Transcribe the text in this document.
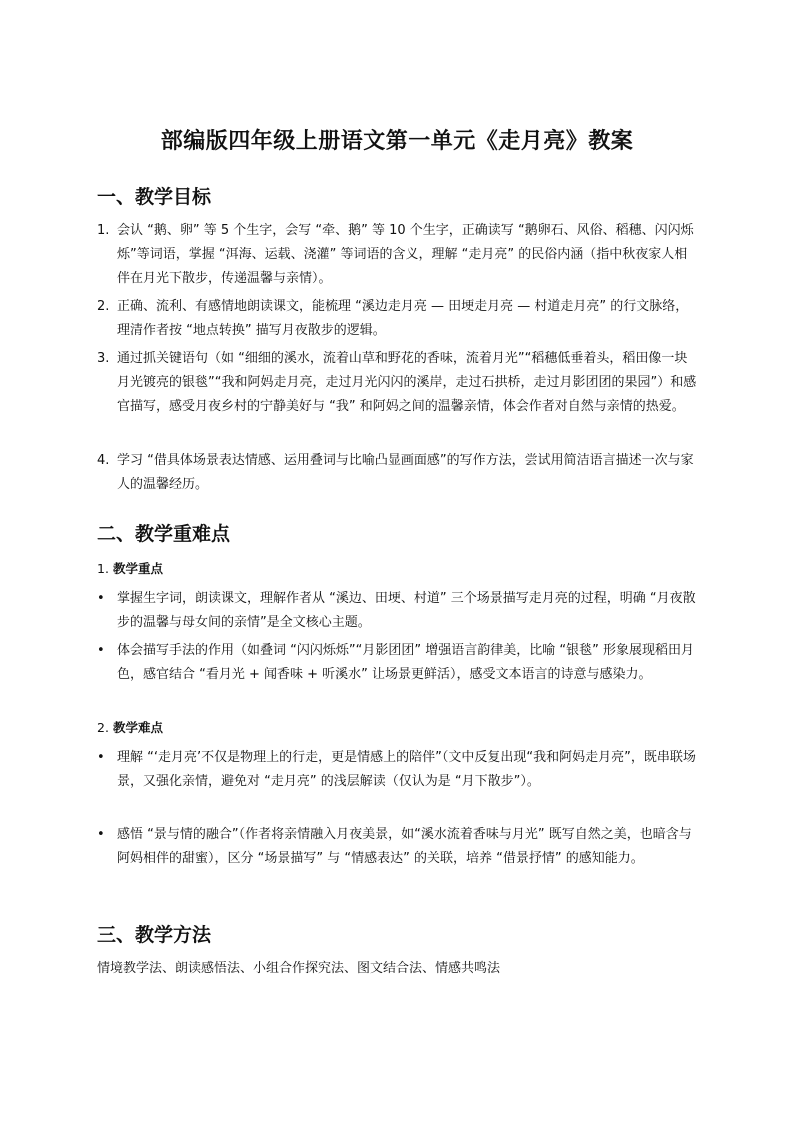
部编版四年级上册语文第一单元《走月亮》教案
一、教学目标
1. 会认 “鹅、卵” 等 5 个生字，会写 “牵、鹅” 等 10 个生字，正确读写 “鹅卵石、风俗、稻穗、闪闪烁烁”等词语，掌握 “洱海、运载、浇灌” 等词语的含义，理解 “走月亮” 的民俗内涵（指中秋夜家人相伴在月光下散步，传递温馨与亲情）。
2. 正确、流利、有感情地朗读课文，能梳理 “溪边走月亮 — 田埂走月亮 — 村道走月亮” 的行文脉络，理清作者按 “地点转换” 描写月夜散步的逻辑。
3. 通过抓关键语句（如 “细细的溪水，流着山草和野花的香味，流着月光”“稻穗低垂着头，稻田像一块月光镀亮的银毯”“我和阿妈走月亮，走过月光闪闪的溪岸，走过石拱桥，走过月影团团的果园”）和感官描写，感受月夜乡村的宁静美好与 “我” 和阿妈之间的温馨亲情，体会作者对自然与亲情的热爱。
4. 学习 “借具体场景表达情感、运用叠词与比喻凸显画面感”的写作方法，尝试用简洁语言描述一次与家人的温馨经历。
二、教学重难点
1. 教学重点
• 掌握生字词，朗读课文，理解作者从 “溪边、田埂、村道” 三个场景描写走月亮的过程，明确 “月夜散步的温馨与母女间的亲情”是全文核心主题。
• 体会描写手法的作用（如叠词 “闪闪烁烁”“月影团团” 增强语言韵律美，比喻 “银毯” 形象展现稻田月色，感官结合 “看月光 + 闻香味 + 听溪水” 让场景更鲜活），感受文本语言的诗意与感染力。
2. 教学难点
• 理解 “‘走月亮’不仅是物理上的行走，更是情感上的陪伴”（文中反复出现“我和阿妈走月亮”，既串联场景，又强化亲情，避免对 “走月亮” 的浅层解读（仅认为是 “月下散步”）。
• 感悟 “景与情的融合”（作者将亲情融入月夜美景，如“溪水流着香味与月光” 既写自然之美，也暗含与阿妈相伴的甜蜜），区分 “场景描写” 与 “情感表达” 的关联，培养 “借景抒情” 的感知能力。
三、教学方法

情境教学法、朗读感悟法、小组合作探究法、图文结合法、情感共鸣法
